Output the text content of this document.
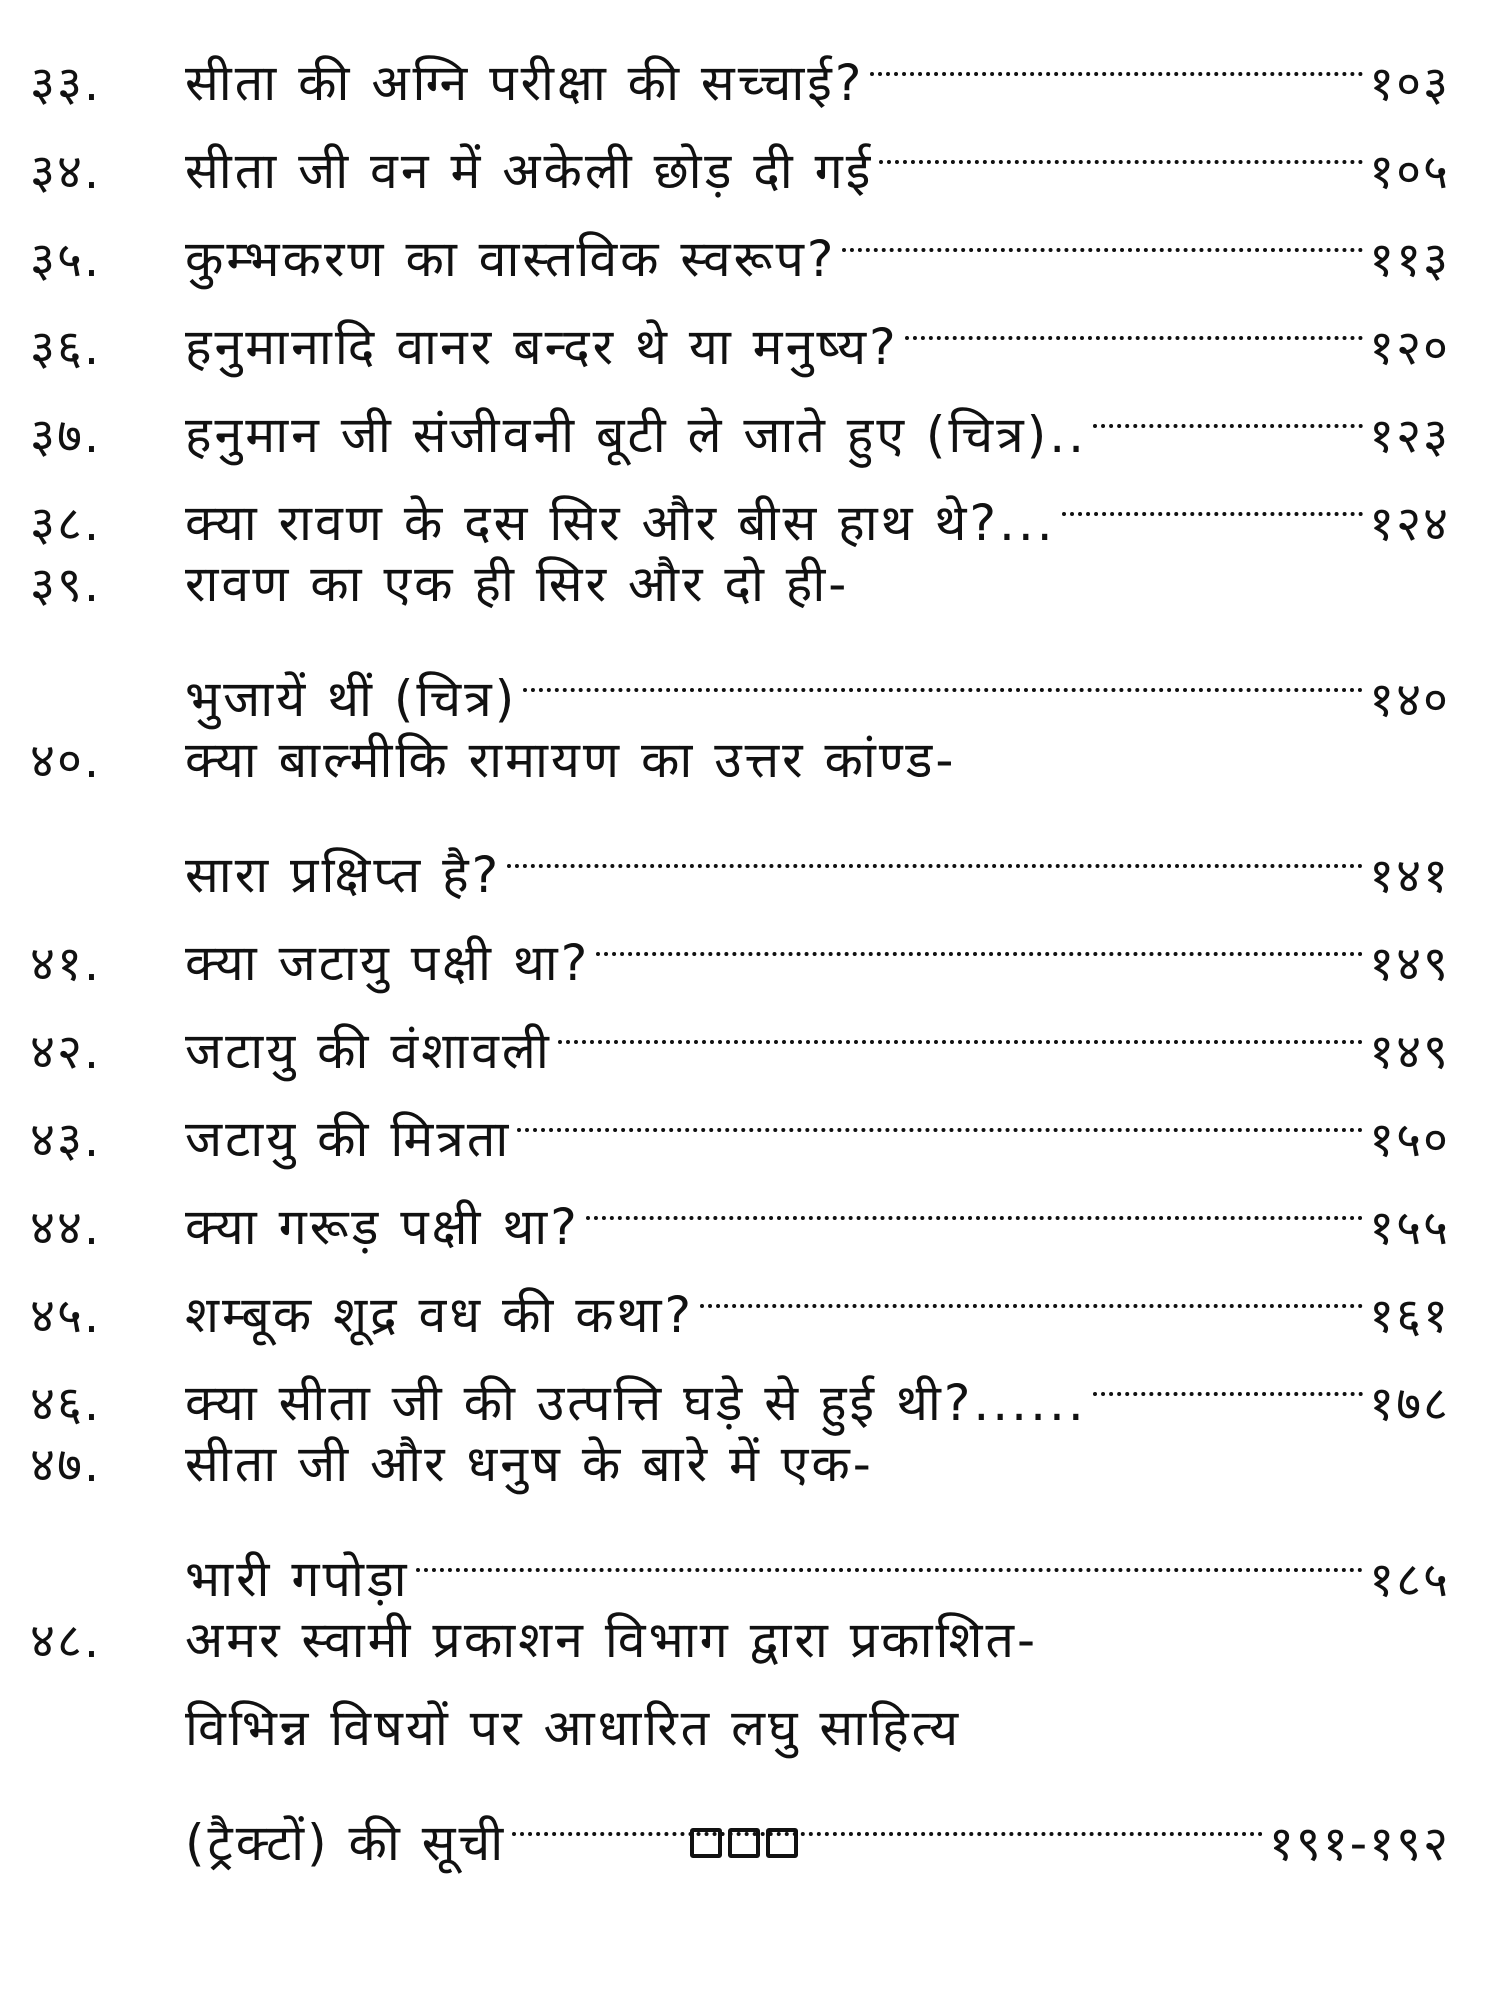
३३.	सीता की अग्नि परीक्षा की सच्चाई?	१०३
३४.	सीता जी वन में अकेली छोड़ दी गई	१०५
३५.	कुम्भकरण का वास्तविक स्वरूप?	११३
३६.	हनुमानादि वानर बन्दर थे या मनुष्य?	१२०
३७.	हनुमान जी संजीवनी बूटी ले जाते हुए (चित्र)..	१२३
३८.	क्या रावण के दस सिर और बीस हाथ थे?...	१२४
३९.	रावण का एक ही सिर और दो ही-
भुजायें थीं (चित्र)	१४०
४०.	क्या बाल्मीकि रामायण का उत्तर कांण्ड-
सारा प्रक्षिप्त है?	१४१
४१.	क्या जटायु पक्षी था?	१४९
४२.	जटायु की वंशावली	१४९
४३.	जटायु की मित्रता	१५०
४४.	क्या गरूड़ पक्षी था?	१५५
४५.	शम्बूक शूद्र वध की कथा?	१६१
४६.	क्या सीता जी की उत्पत्ति घड़े से हुई थी?......	१७८
४७.	सीता जी और धनुष के बारे में एक-
भारी गपोड़ा	१८५
४८.	अमर स्वामी प्रकाशन विभाग द्वारा प्रकाशित-
विभिन्न विषयों पर आधारित लघु साहित्य
(ट्रैक्टों) की सूची	१९१-१९२
